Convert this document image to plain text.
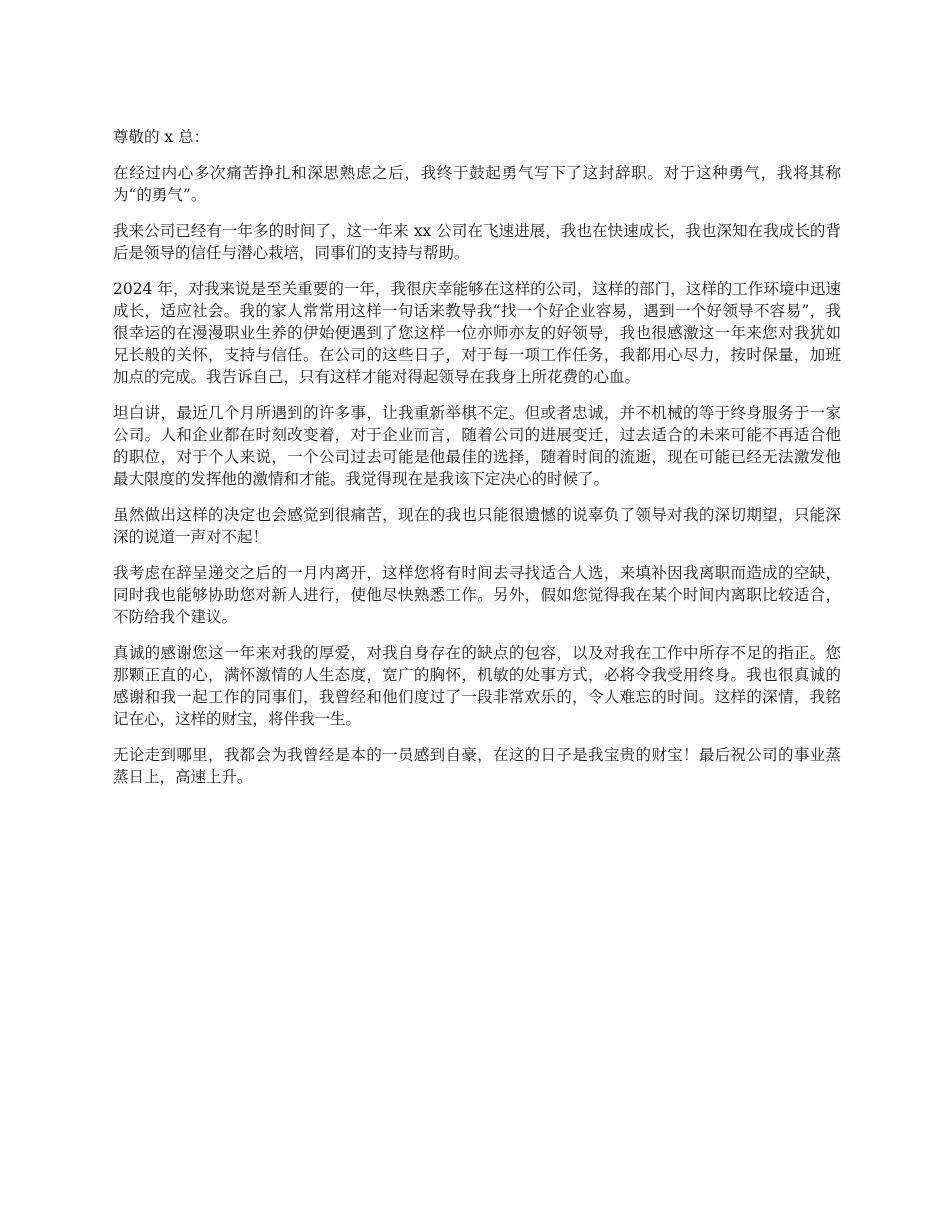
尊敬的 x 总：

在经过内心多次痛苦挣扎和深思熟虑之后，我终于鼓起勇气写下了这封辞职。对于这种勇气，我将其称为“的勇气”。

我来公司已经有一年多的时间了，这一年来 xx 公司在飞速进展，我也在快速成长，我也深知在我成长的背后是领导的信任与潜心栽培，同事们的支持与帮助。

2024 年，对我来说是至关重要的一年，我很庆幸能够在这样的公司，这样的部门，这样的工作环境中迅速成长，适应社会。我的家人常常用这样一句话来教导我“找一个好企业容易，遇到一个好领导不容易”，我很幸运的在漫漫职业生养的伊始便遇到了您这样一位亦师亦友的好领导，我也很感激这一年来您对我犹如兄长般的关怀，支持与信任。在公司的这些日子，对于每一项工作任务，我都用心尽力，按时保量，加班加点的完成。我告诉自己，只有这样才能对得起领导在我身上所花费的心血。

坦白讲，最近几个月所遇到的许多事，让我重新举棋不定。但或者忠诚，并不机械的等于终身服务于一家公司。人和企业都在时刻改变着，对于企业而言，随着公司的进展变迁，过去适合的未来可能不再适合他的职位，对于个人来说，一个公司过去可能是他最佳的选择，随着时间的流逝，现在可能已经无法激发他最大限度的发挥他的激情和才能。我觉得现在是我该下定决心的时候了。

虽然做出这样的决定也会感觉到很痛苦，现在的我也只能很遗憾的说辜负了领导对我的深切期望，只能深深的说道一声对不起！

我考虑在辞呈递交之后的一月内离开，这样您将有时间去寻找适合人选，来填补因我离职而造成的空缺，同时我也能够协助您对新人进行，使他尽快熟悉工作。另外，假如您觉得我在某个时间内离职比较适合，不防给我个建议。

真诚的感谢您这一年来对我的厚爱，对我自身存在的缺点的包容，以及对我在工作中所存不足的指正。您那颗正直的心，满怀激情的人生态度，宽广的胸怀，机敏的处事方式，必将令我受用终身。我也很真诚的感谢和我一起工作的同事们，我曾经和他们度过了一段非常欢乐的，令人难忘的时间。这样的深情，我铭记在心，这样的财宝，将伴我一生。

无论走到哪里，我都会为我曾经是本的一员感到自豪，在这的日子是我宝贵的财宝！最后祝公司的事业蒸蒸日上，高速上升。
